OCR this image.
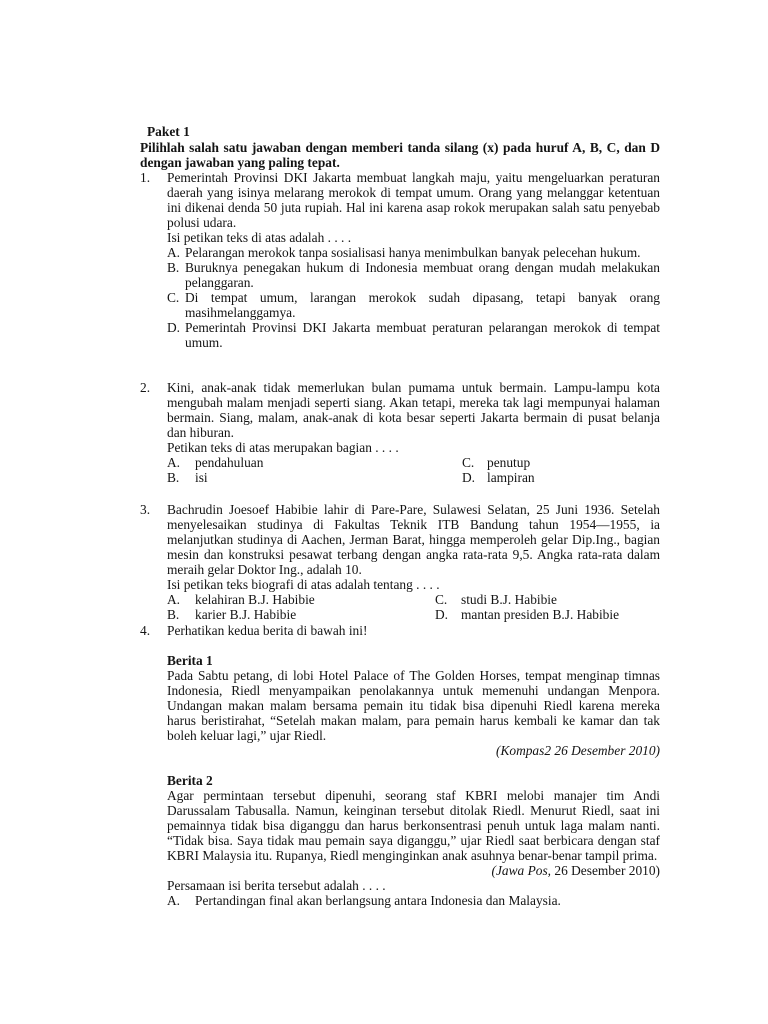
Paket 1
Pilihlah salah satu jawaban dengan memberi tanda silang (x) pada huruf A, B, C, dan D dengan jawaban yang paling tepat.
1. Pemerintah Provinsi DKI Jakarta membuat langkah maju, yaitu mengeluarkan peraturan daerah yang isinya melarang merokok di tempat umum. Orang yang melanggar ketentuan ini dikenai denda 50 juta rupiah. Hal ini karena asap rokok merupakan salah satu penyebab polusi udara.
Isi petikan teks di atas adalah . . . .
A. Pelarangan merokok tanpa sosialisasi hanya menimbulkan banyak pelecehan hukum.
B. Buruknya penegakan hukum di Indonesia membuat orang dengan mudah melakukan pelanggaran.
C. Di tempat umum, larangan merokok sudah dipasang, tetapi banyak orang masihmelanggamya.
D. Pemerintah Provinsi DKI Jakarta membuat peraturan pelarangan merokok di tempat umum.
2. Kini, anak-anak tidak memerlukan bulan pumama untuk bermain. Lampu-lampu kota mengubah malam menjadi seperti siang. Akan tetapi, mereka tak lagi mempunyai halaman bermain. Siang, malam, anak-anak di kota besar seperti Jakarta bermain di pusat belanja dan hiburan.
Petikan teks di atas merupakan bagian . . . .
A. pendahuluan	C. penutup
B. isi	D. lampiran
3. Bachrudin Joesoef Habibie lahir di Pare-Pare, Sulawesi Selatan, 25 Juni 1936. Setelah menyelesaikan studinya di Fakultas Teknik ITB Bandung tahun 1954—1955, ia melanjutkan studinya di Aachen, Jerman Barat, hingga memperoleh gelar Dip.Ing., bagian mesin dan konstruksi pesawat terbang dengan angka rata-rata 9,5. Angka rata-rata dalam meraih gelar Doktor Ing., adalah 10.
Isi petikan teks biografi di atas adalah tentang . . . .
A. kelahiran B.J. Habibie	C. studi B.J. Habibie
B. karier B.J. Habibie	D. mantan presiden B.J. Habibie
4. Perhatikan kedua berita di bawah ini!
Berita 1
Pada Sabtu petang, di lobi Hotel Palace of The Golden Horses, tempat menginap timnas Indonesia, Riedl menyampaikan penolakannya untuk memenuhi undangan Menpora. Undangan makan malam bersama pemain itu tidak bisa dipenuhi Riedl karena mereka harus beristirahat, “Setelah makan malam, para pemain harus kembali ke kamar dan tak boleh keluar lagi,” ujar Riedl.
(Kompas2 26 Desember 2010)
Berita 2
Agar permintaan tersebut dipenuhi, seorang staf KBRI melobi manajer tim Andi Darussalam Tabusalla. Namun, keinginan tersebut ditolak Riedl. Menurut Riedl, saat ini pemainnya tidak bisa diganggu dan harus berkonsentrasi penuh untuk laga malam nanti. “Tidak bisa. Saya tidak mau pemain saya diganggu,” ujar Riedl saat berbicara dengan staf KBRI Malaysia itu. Rupanya, Riedl menginginkan anak asuhnya benar-benar tampil prima.
(Jawa Pos, 26 Desember 2010)
Persamaan isi berita tersebut adalah . . . .
A. Pertandingan final akan berlangsung antara Indonesia dan Malaysia.
